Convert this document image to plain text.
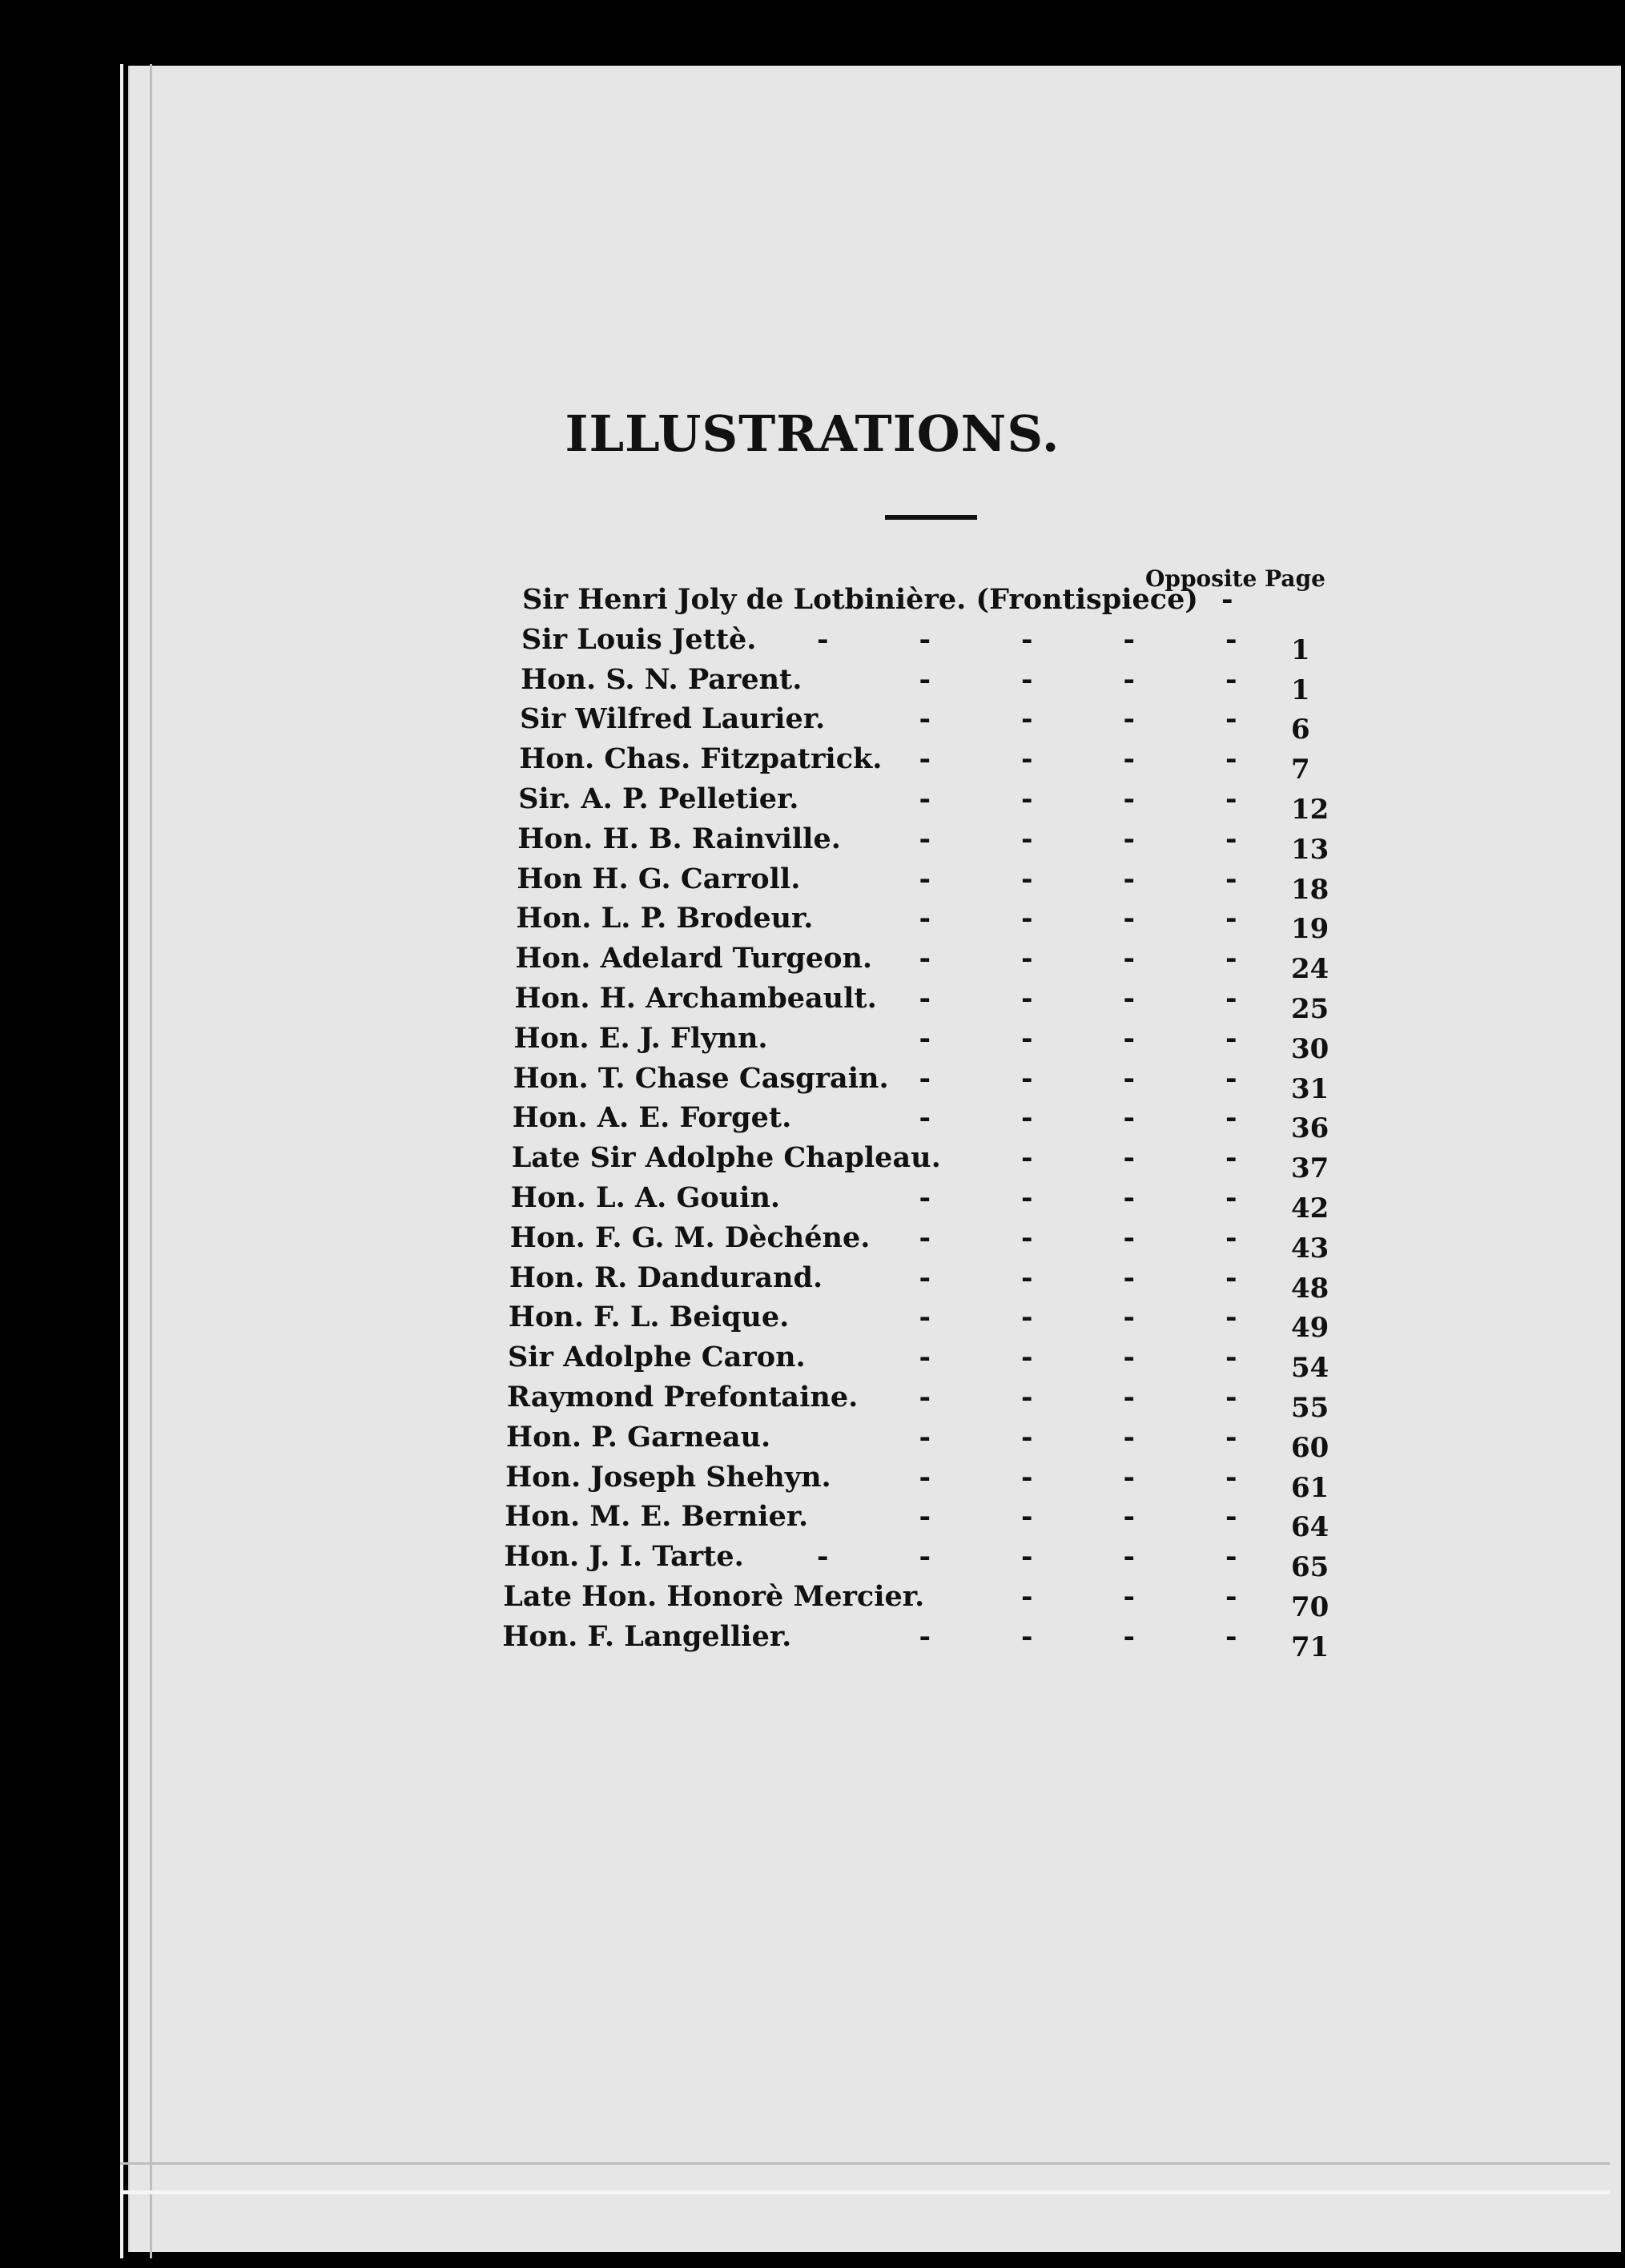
ILLUSTRATIONS.
Opposite Page
Sir Henri Joly de Lotbinière. (Frontispiece) -
Sir Louis Jettè. -	-	-	-	- 1
Hon. S. N. Parent.	-	-	-	- 1
Sir Wilfred Laurier.	-	-	-	- 6
Hon. Chas. Fitzpatrick. -	-	-	- 7
Sir. A. P. Pelletier.	-	-	-	- 12
Hon. H. B. Rainville.	-	-	-	- 13
Hon H. G. Carroll.	-	-	-	- 18
Hon. L. P. Brodeur.	-	-	-	- 19
Hon. Adelard Turgeon. -	-	-	- 24
Hon. H. Archambeault. -	-	-	- 25
Hon. E. J. Flynn.	-	-	-	- 30
Hon. T. Chase Casgrain. -	-	-	- 31
Hon. A. E. Forget.	-	-	-	- 36
Late Sir Adolphe Chapleau.	-	-	- 37
Hon. L. A. Gouin.	-	-	-	- 42
Hon. F. G. M. Dèchéne. -	-	-	- 43
Hon. R. Dandurand.	-	-	-	- 48
Hon. F. L. Beique.	-	-	-	- 49
Sir Adolphe Caron.	-	-	-	- 54
Raymond Prefontaine. -	-	-	- 55
Hon. P. Garneau.	-	-	-	- 60
Hon. Joseph Shehyn.	-	-	-	- 61
Hon. M. E. Bernier.	-	-	-	- 64
Hon. J. I. Tarte.	-	-	-	-	- 65
Late Hon. Honorè Mercier.	-	-	- 70
Hon. F. Langellier.	-	-	-	- 71
